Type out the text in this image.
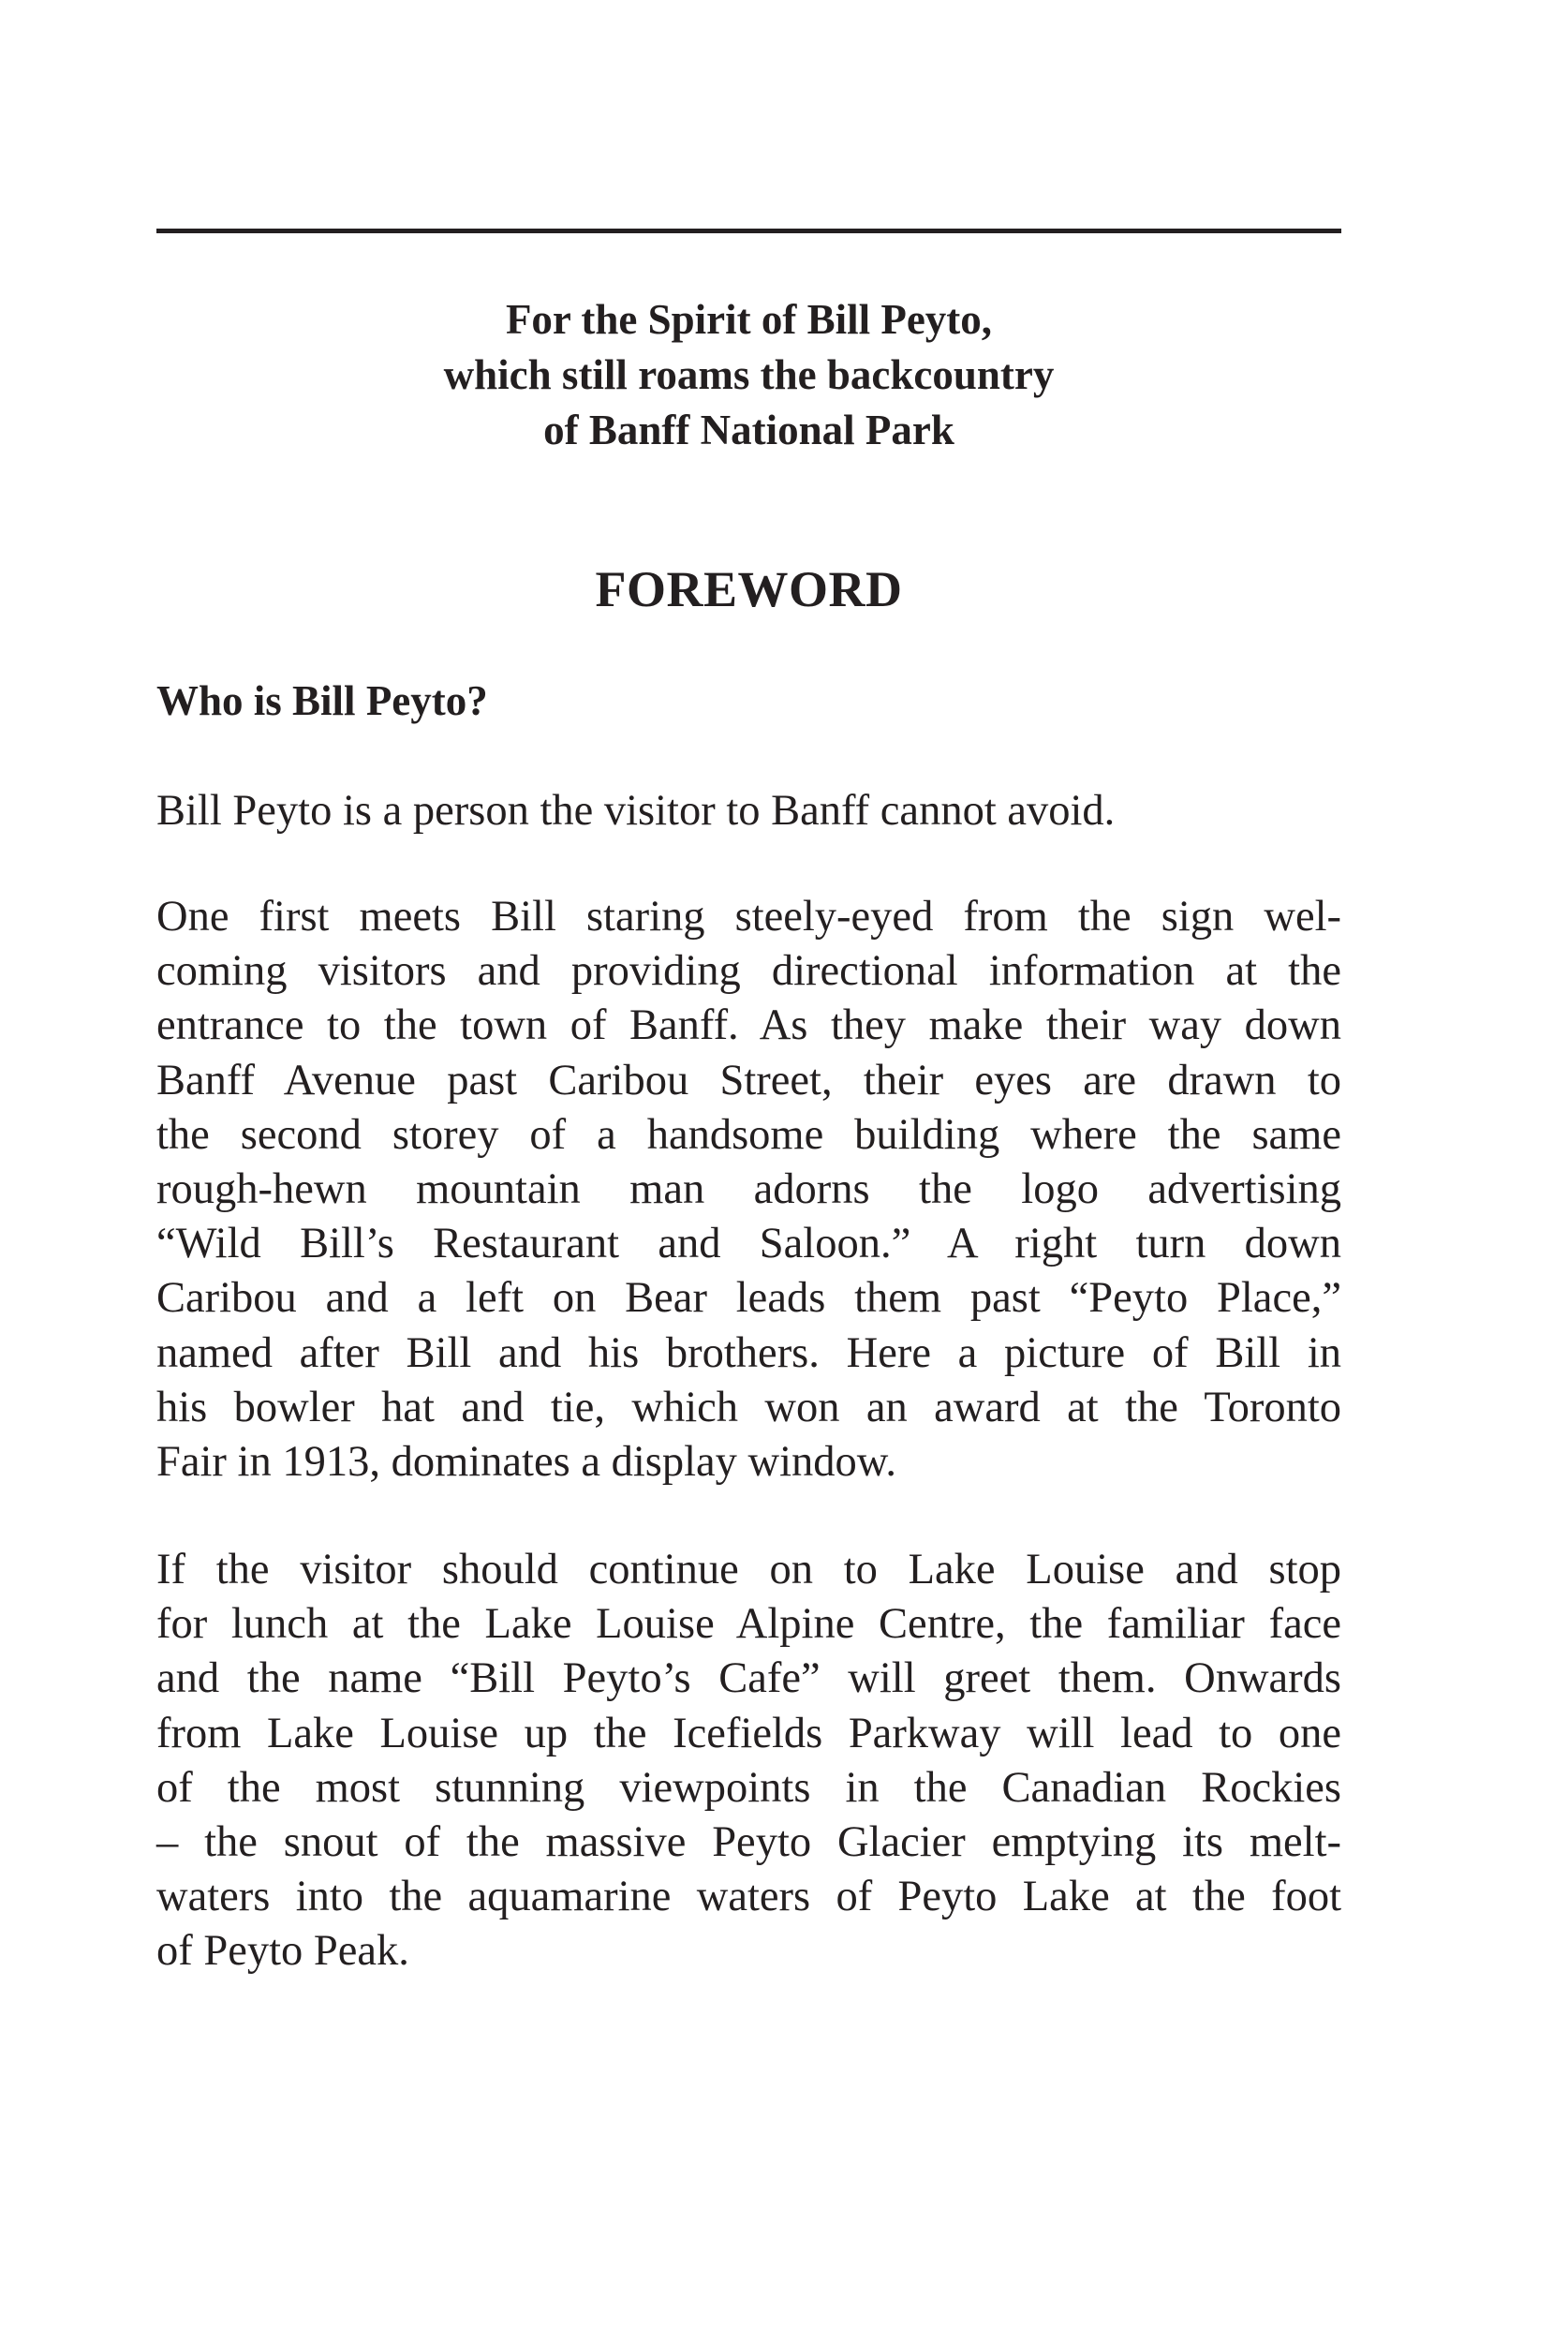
For the Spirit of Bill Peyto,
which still roams the backcountry
of Banff National Park
FOREWORD
Who is Bill Peyto?
Bill Peyto is a person the visitor to Banff cannot avoid.
One first meets Bill staring steely-eyed from the sign wel-
coming visitors and providing directional information at the
entrance to the town of Banff. As they make their way down
Banff Avenue past Caribou Street, their eyes are drawn to
the second storey of a handsome building where the same
rough-hewn mountain man adorns the logo advertising
“Wild Bill’s Restaurant and Saloon.” A right turn down
Caribou and a left on Bear leads them past “Peyto Place,”
named after Bill and his brothers. Here a picture of Bill in
his bowler hat and tie, which won an award at the Toronto
Fair in 1913, dominates a display window.
If the visitor should continue on to Lake Louise and stop
for lunch at the Lake Louise Alpine Centre, the familiar face
and the name “Bill Peyto’s Cafe” will greet them. Onwards
from Lake Louise up the Icefields Parkway will lead to one
of the most stunning viewpoints in the Canadian Rockies
– the snout of the massive Peyto Glacier emptying its melt-
waters into the aquamarine waters of Peyto Lake at the foot
of Peyto Peak.
